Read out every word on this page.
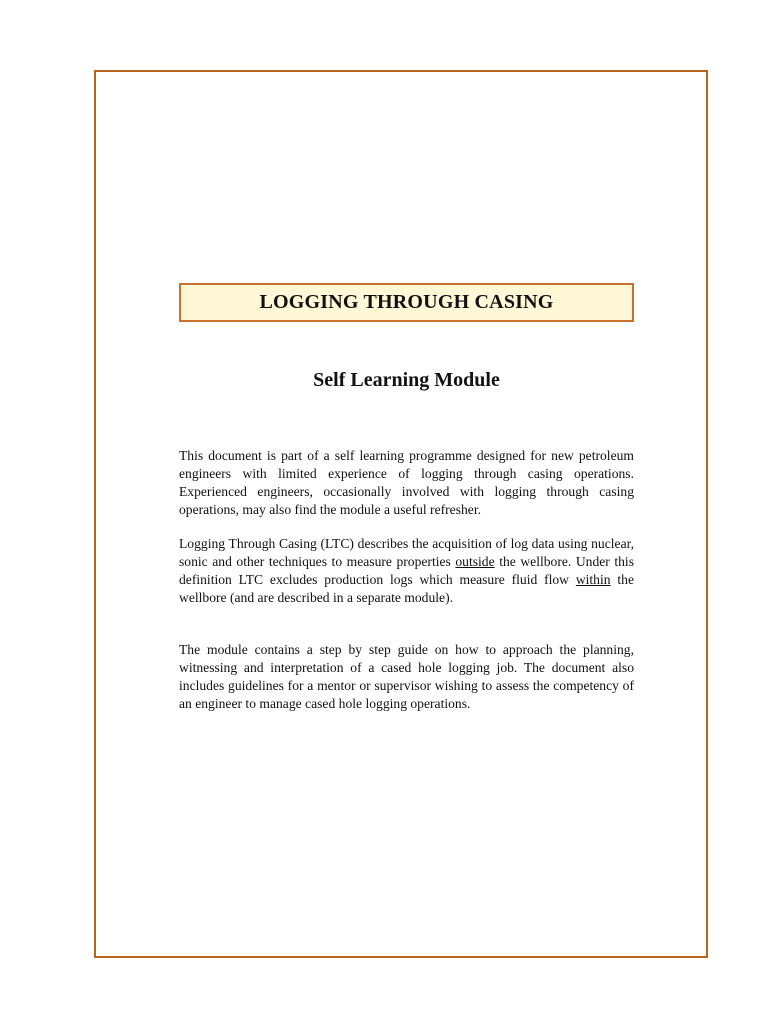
LOGGING THROUGH CASING
Self Learning Module

This document is part of a self learning programme designed for new petroleum engineers with limited experience of logging through casing operations. Experienced engineers, occasionally involved with logging through casing operations, may also find the module a useful refresher.

Logging Through Casing (LTC) describes the acquisition of log data using nuclear, sonic and other techniques to measure properties outside the wellbore. Under this definition LTC excludes production logs which measure fluid flow within the wellbore (and are described in a separate module).

The module contains a step by step guide on how to approach the planning, witnessing and interpretation of a cased hole logging job. The document also includes guidelines for a mentor or supervisor wishing to assess the competency of an engineer to manage cased hole logging operations.
